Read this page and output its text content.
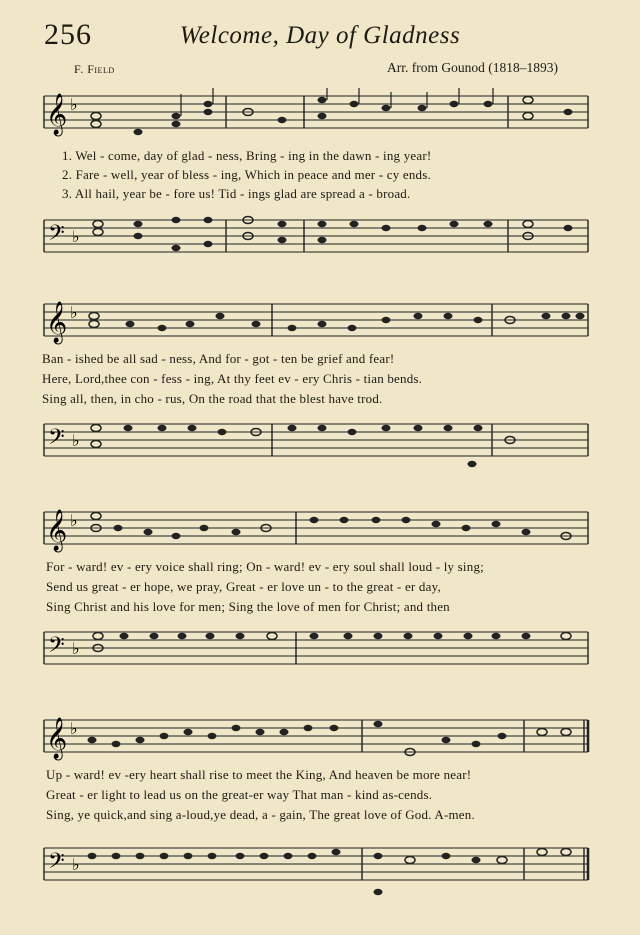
256	Welcome, Day of Gladness
F. Field	Arr. from Gounod (1818–1893)
𝄞 ♭
1. Wel - come, day of glad - ness, Bring - ing in the dawn - ing year!
2. Fare - well, year of bless - ing, Which in peace and mer - cy ends.
3. All hail, year be - fore us! Tid - ings glad are spread a - broad.
𝄢 ♭
𝄞 ♭
Ban - ished be all sad - ness, And for - got - ten be grief and fear!
Here, Lord,thee con - fess - ing, At thy feet ev - ery Chris - tian bends.
Sing all, then, in cho - rus, On the road that the blest have trod.
𝄢 ♭
𝄞 ♭
For - ward! ev - ery voice shall ring; On - ward! ev - ery soul shall loud - ly sing;
Send us great - er hope, we pray, Great - er love un - to the great - er day,
Sing Christ and his love for men; Sing the love of men for Christ; and then
𝄢 ♭
𝄞 ♭
Up - ward! ev -ery heart shall rise to meet the King, And heaven be more near!
Great - er light to lead us on the great-er way That man - kind as-cends.
Sing, ye quick,and sing a-loud,ye dead, a - gain, The great love of God. A-men.
𝄢 ♭
